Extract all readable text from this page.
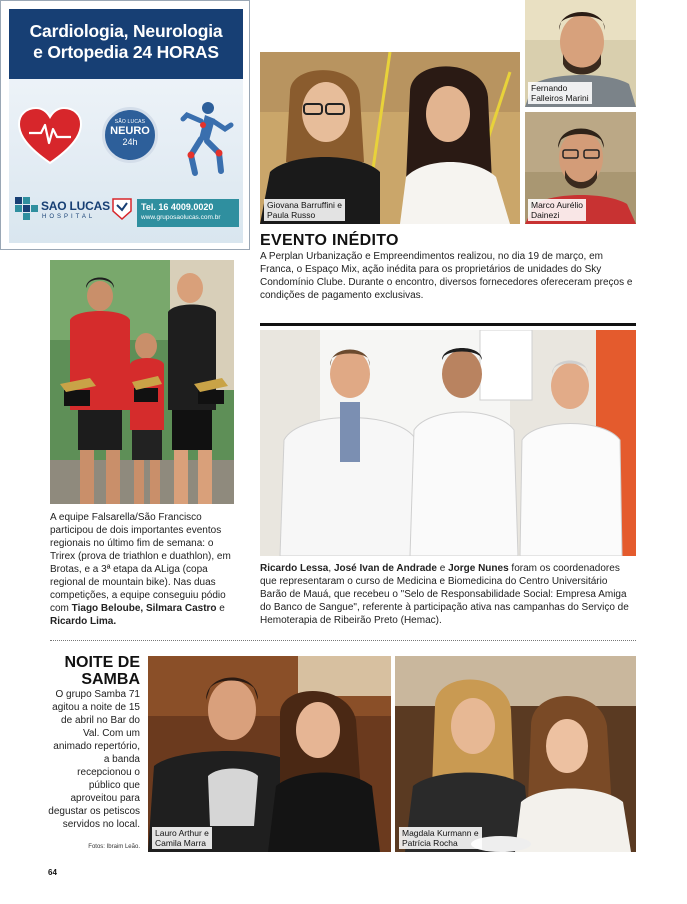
Cardiologia, Neurologia
e Ortopedia 24 HORAS
SÃO LUCAS
NEURO
24h
SAO LUCAS
HOSPITAL
Tel. 16 4009.0020
www.gruposaolucas.com.br
Giovana Barruffini e
Paula Russo
Fernando
Falleiros Marini
Marco Aurélio
Dainezi
EVENTO INÉDITO
A Perplan Urbanização e Empreendimentos realizou, no dia 19 de março, em Franca, o Espaço Mix, ação inédita para os proprietários de unidades do Sky Condomínio Clube. Durante o encontro, diversos fornecedores ofereceram preços e condições de pagamento exclusivas.
A equipe Falsarella/São Francisco participou de dois importantes eventos regionais no último fim de semana: o Trirex (prova de triathlon e duathlon), em Brotas, e a 3ª etapa da ALiga (copa regional de mountain bike). Nas duas competições, a equipe conseguiu pódio com Tiago Beloube, Silmara Castro e Ricardo Lima.
Ricardo Lessa, José Ivan de Andrade e Jorge Nunes foram os coordenadores que representaram o curso de Medicina e Biomedicina do Centro Universitário Barão de Mauá, que recebeu o "Selo de Responsabilidade Social: Empresa Amiga do Banco de Sangue", referente à participação ativa nas campanhas do Serviço de Hemoterapia de Ribeirão Preto (Hemac).
NOITE DE
SAMBA
O grupo Samba 71 agitou a noite de 15 de abril no Bar do Val. Com um animado repertório, a banda recepcionou o público que aproveitou para degustar os petiscos servidos no local.
Fotos: Ibraim Leão.
Lauro Arthur e
Camila Marra
Magdala Kurmann e
Patrícia Rocha
64
